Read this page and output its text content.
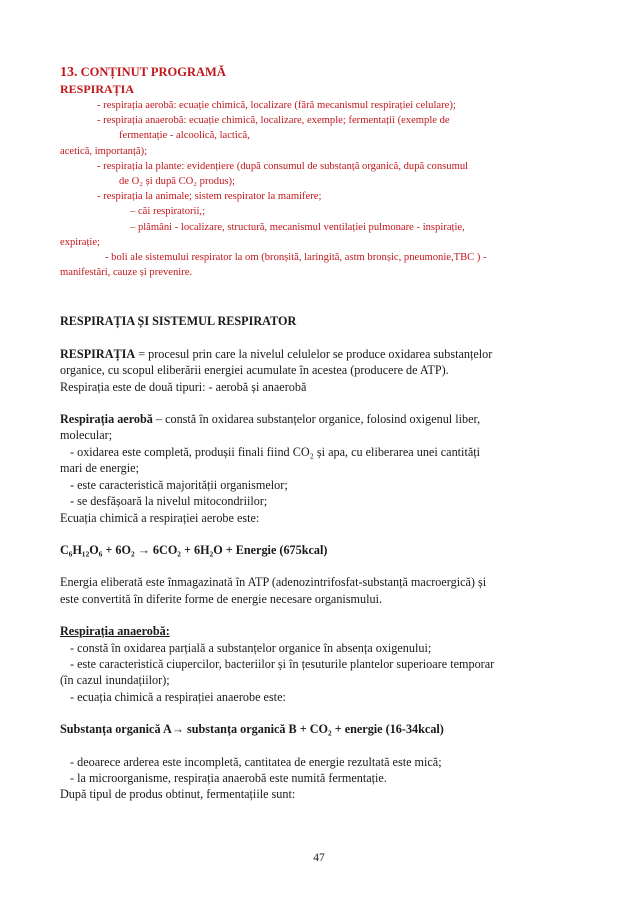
13. CONȚINUT PROGRAMĂ

RESPIRAȚIA

- respirația aerobă: ecuație chimică, localizare (fără mecanismul respirației celulare);

- respirația anaerobă: ecuație chimică, localizare, exemple; fermentații (exemple de

fermentație - alcoolică, lactică,

acetică, importanță);

- respirația la plante: evidențiere (după consumul de substanță organică, după consumul

de O₂ și după CO₂ produs);

- respirația la animale; sistem respirator la mamifere;

– căi respiratorii,;

– plămâni - localizare, structură, mecanismul ventilației pulmonare - inspirație,

expirație;

- boli ale sistemului respirator la om (bronșită, laringită, astm bronșic, pneumonie,TBC ) -

manifestări, cauze și prevenire.

RESPIRAȚIA ȘI SISTEMUL RESPIRATOR

RESPIRAȚIA = procesul prin care la nivelul celulelor se produce oxidarea substanțelor

organice, cu scopul eliberării energiei acumulate în acestea (producere de ATP).

Respirația este de două tipuri: - aerobă și anaerobă

Respirația aerobă – constă în oxidarea substanțelor organice, folosind oxigenul liber,

molecular;

- oxidarea este completă, produșii finali fiind CO₂ și apa, cu eliberarea unei cantități

mari de energie;

- este caracteristică majorității organismelor;

- se desfășoară la nivelul mitocondriilor;

Ecuația chimică a respirației aerobe este:

C₆H₁₂O₆ + 6O₂ → 6CO₂ + 6H₂O + Energie (675kcal)

Energia eliberată este înmagazinată în ATP (adenozintrifosfat-substanță macroergică) și

este convertită în diferite forme de energie necesare organismului.

Respirația anaerobă:

- constă în oxidarea parțială a substanțelor organice în absența oxigenului;

- este caracteristică ciupercilor, bacteriilor și în țesuturile plantelor superioare temporar

(în cazul inundațiilor);

- ecuația chimică a respirației anaerobe este:

Substanța organică A→ substanța organică B + CO₂ + energie (16-34kcal)

- deoarece arderea este incompletă, cantitatea de energie rezultată este mică;

- la microorganisme, respirația anaerobă este numită fermentație.

După tipul de produs obtinut, fermentațiile sunt:

47
